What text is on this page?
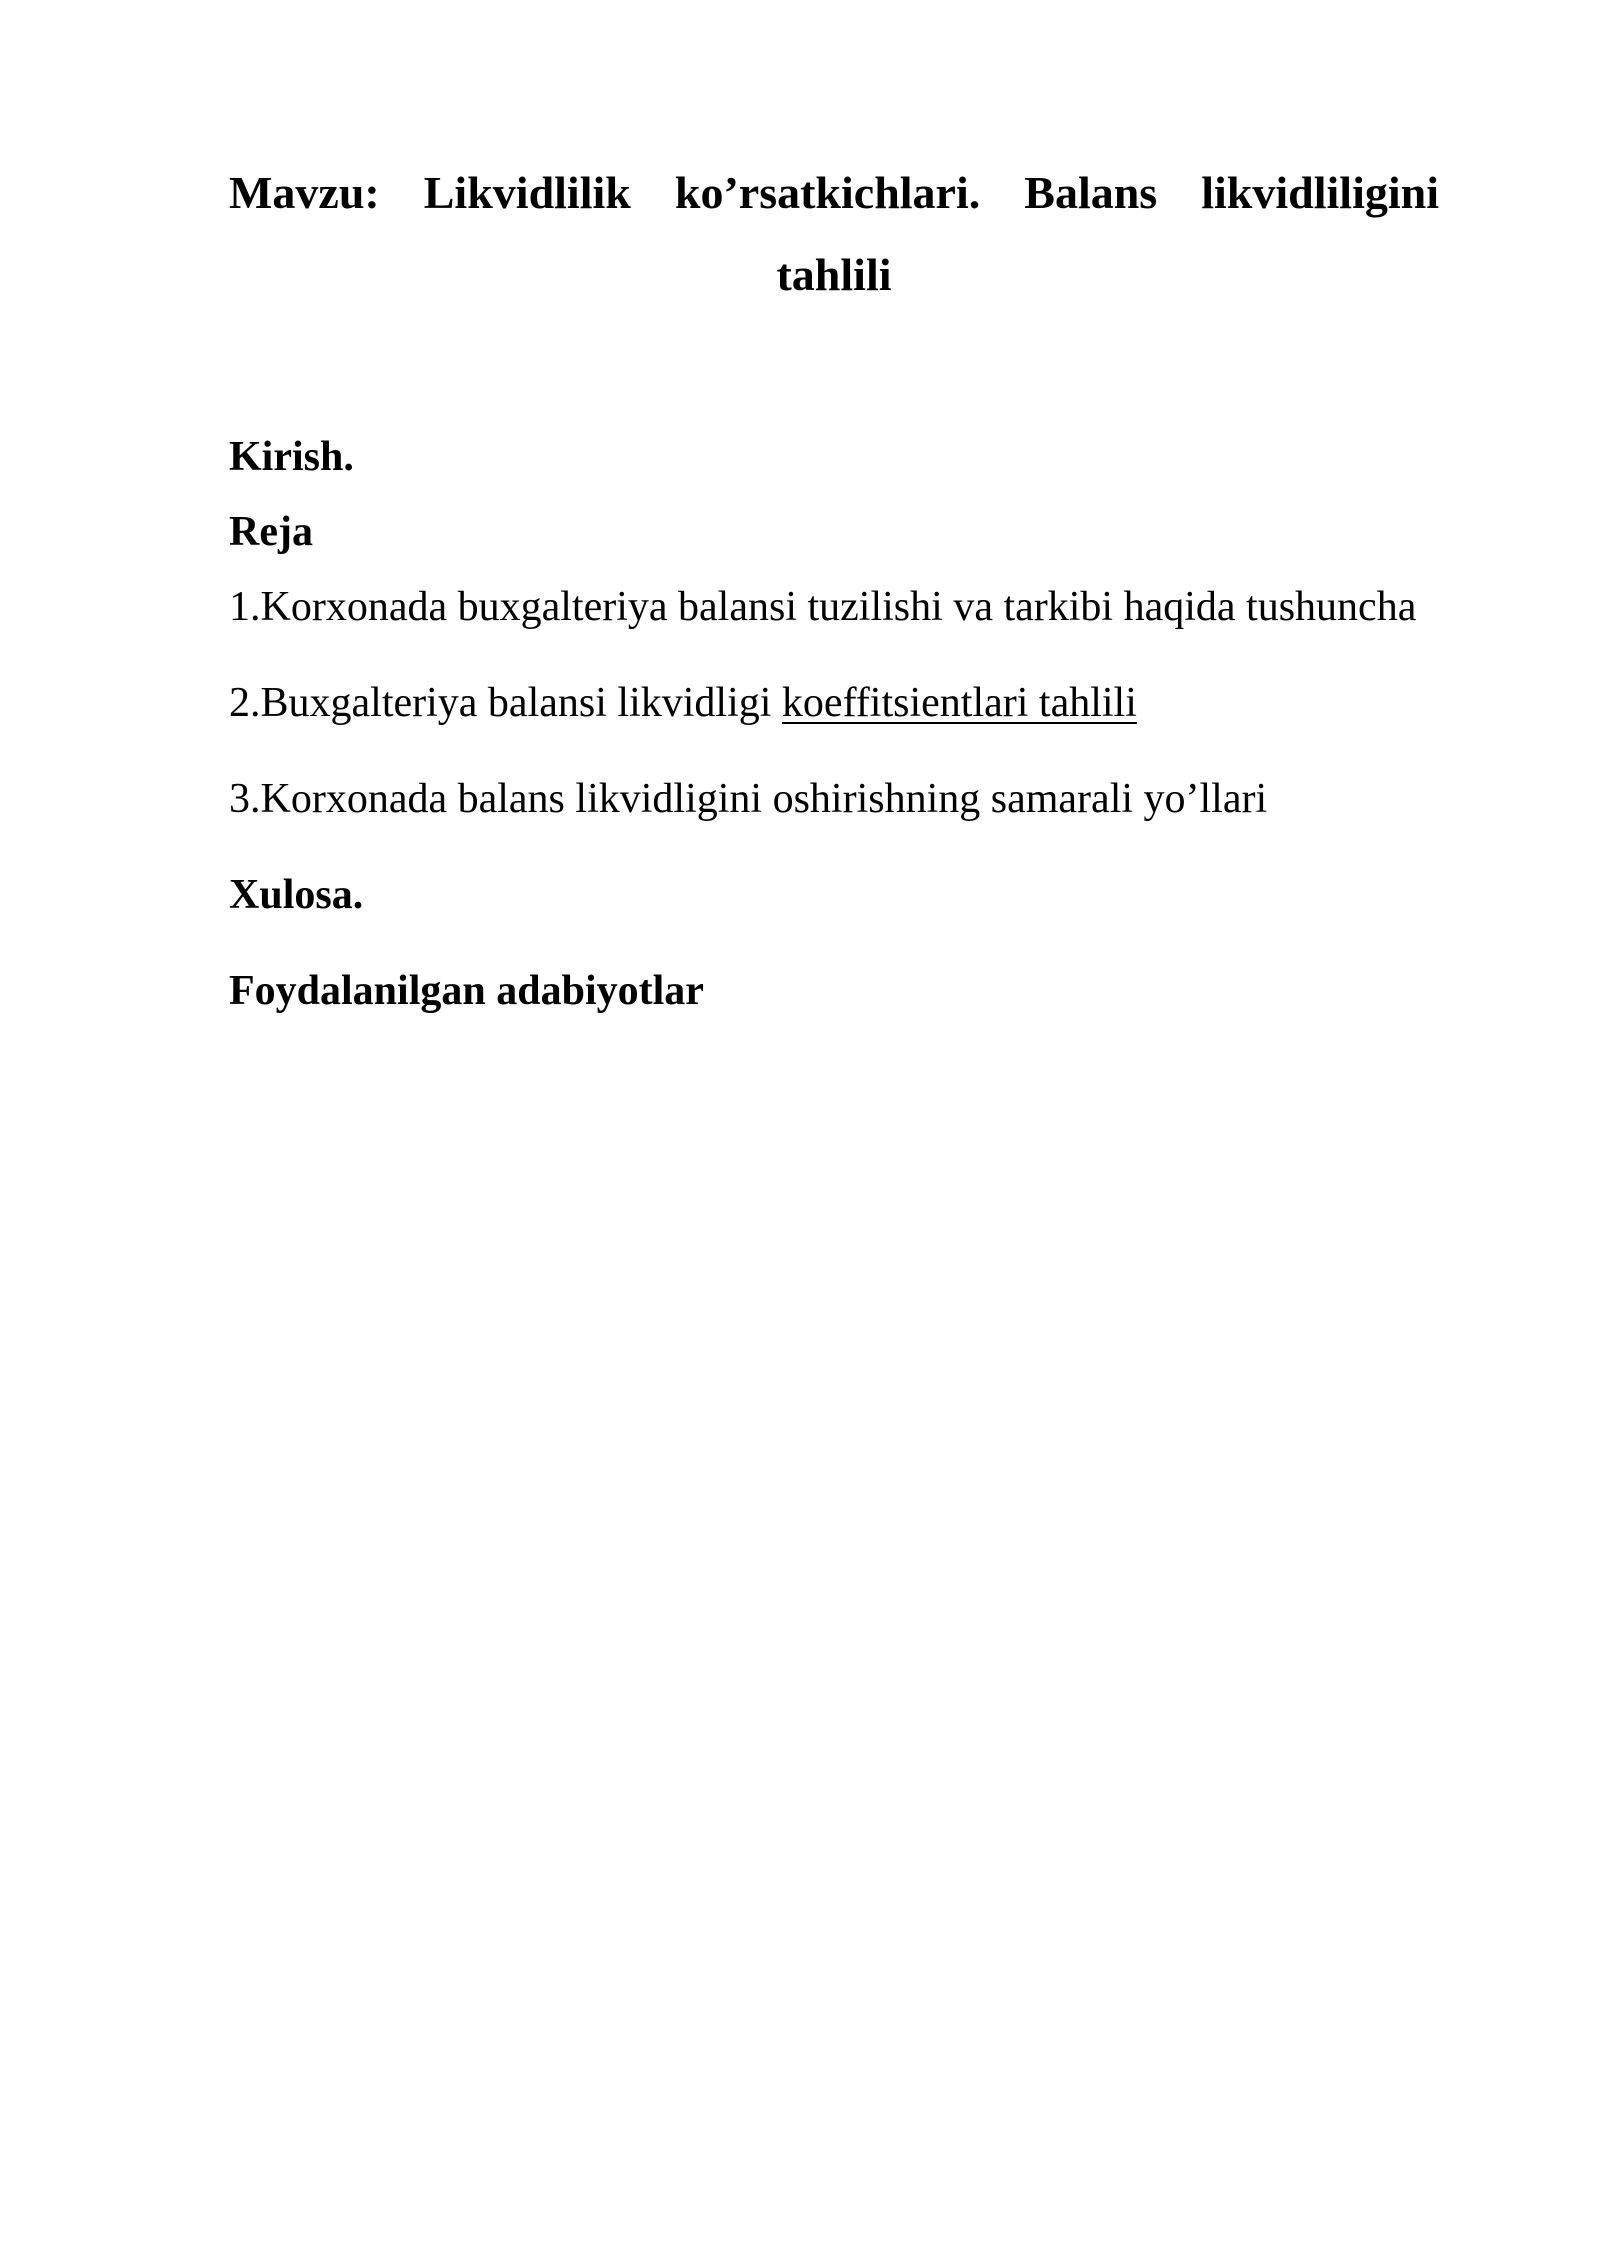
Mavzu: Likvidlilik ko’rsatkichlari. Balans likvidliligini
tahlili

Kirish.

Reja

1.Korxonada buxgalteriya balansi tuzilishi va tarkibi haqida tushuncha

2.Buxgalteriya balansi likvidligi koeffitsientlari tahlili

3.Korxonada balans likvidligini oshirishning samarali yo’llari

Xulosa.

Foydalanilgan adabiyotlar
